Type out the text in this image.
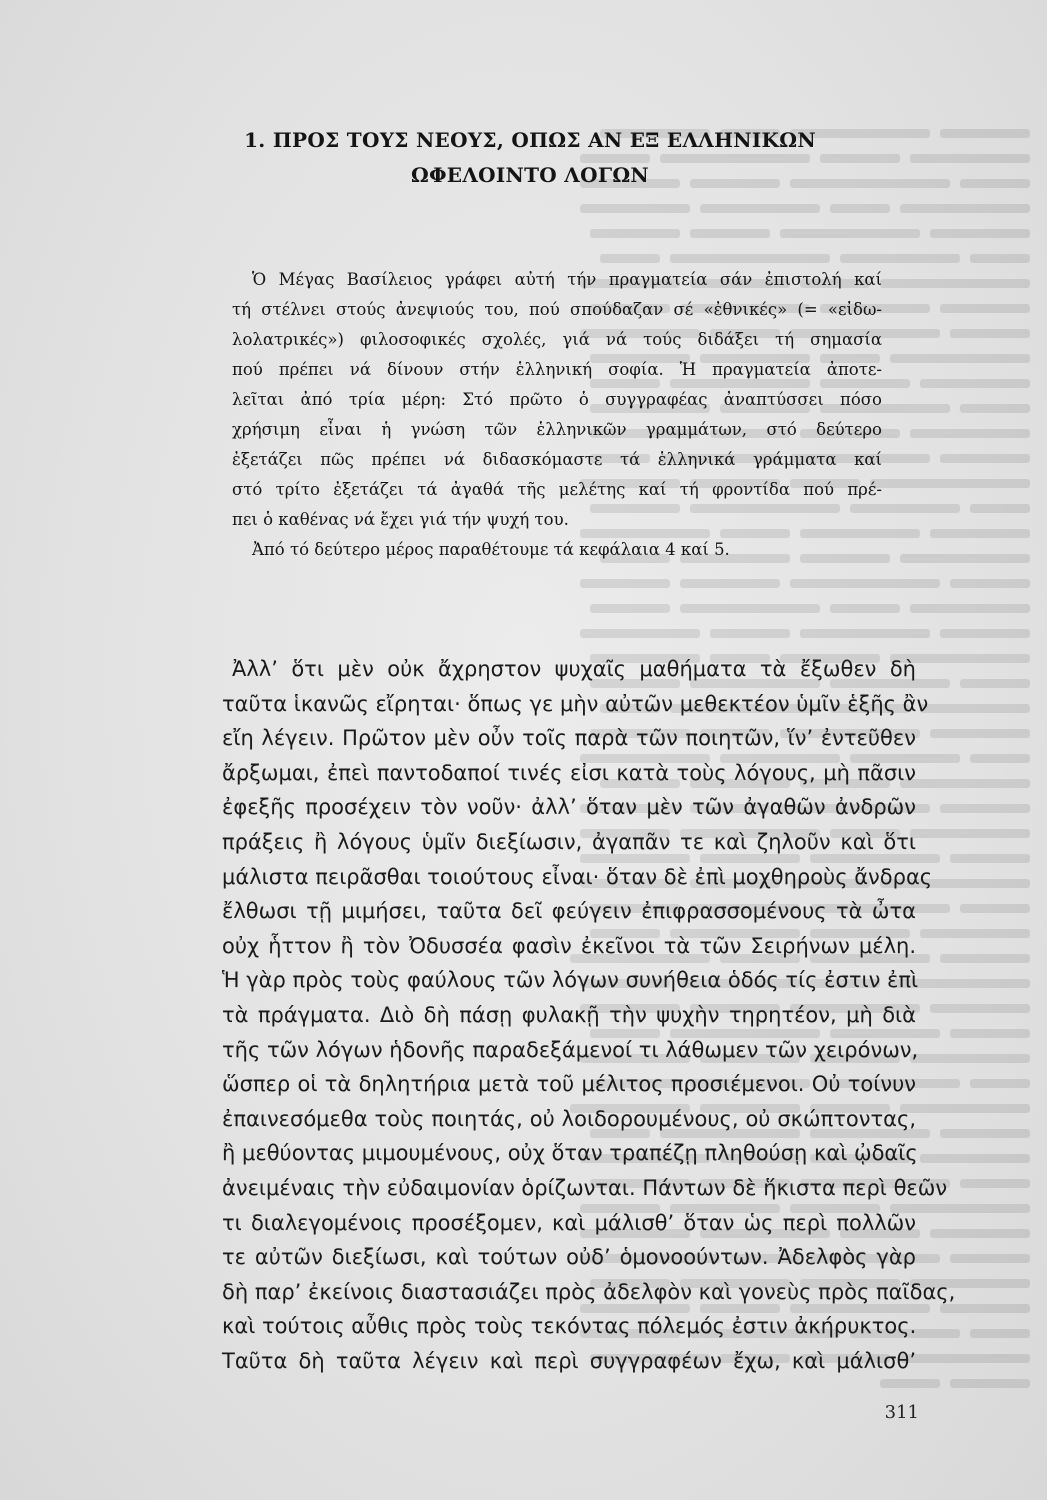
1. ΠΡΟΣ ΤΟΥΣ ΝΕΟΥΣ, ΟΠΩΣ ΑΝ ΕΞ ΕΛΛΗΝΙΚΩΝ
ΩΦΕΛΟΙΝΤΟ ΛΟΓΩΝ
Ὁ Μέγας Βασίλειος γράφει αὐτή τήν πραγματεία σάν ἐπιστολή καί
τή στέλνει στούς ἀνεψιούς του, πού σπούδαζαν σέ «ἐθνικές» (= «εἰδω-
λολατρικές») φιλοσοφικές σχολές, γιά νά τούς διδάξει τή σημασία
πού πρέπει νά δίνουν στήν ἑλληνική σοφία. Ἡ πραγματεία ἀποτε-
λεῖται ἀπό τρία μέρη: Στό πρῶτο ὁ συγγραφέας ἀναπτύσσει πόσο
χρήσιμη εἶναι ἡ γνώση τῶν ἑλληνικῶν γραμμάτων, στό δεύτερο
ἐξετάζει πῶς πρέπει νά διδασκόμαστε τά ἑλληνικά γράμματα καί
στό τρίτο ἐξετάζει τά ἀγαθά τῆς μελέτης καί τή φροντίδα πού πρέ-
πει ὁ καθένας νά ἔχει γιά τήν ψυχή του.
Ἀπό τό δεύτερο μέρος παραθέτουμε τά κεφάλαια 4 καί 5.
Ἀλλ’ ὅτι μὲν οὐκ ἄχρηστον ψυχαῖς μαθήματα τὰ ἔξωθεν δὴ
ταῦτα ἱκανῶς εἴρηται· ὅπως γε μὴν αὐτῶν μεθεκτέον ὑμῖν ἑξῆς ἂν
εἴη λέγειν. Πρῶτον μὲν οὖν τοῖς παρὰ τῶν ποιητῶν, ἵν’ ἐντεῦθεν
ἄρξωμαι, ἐπεὶ παντοδαποί τινές εἰσι κατὰ τοὺς λόγους, μὴ πᾶσιν
ἐφεξῆς προσέχειν τὸν νοῦν· ἀλλ’ ὅταν μὲν τῶν ἀγαθῶν ἀνδρῶν
πράξεις ἢ λόγους ὑμῖν διεξίωσιν, ἀγαπᾶν τε καὶ ζηλοῦν καὶ ὅτι
μάλιστα πειρᾶσθαι τοιούτους εἶναι· ὅταν δὲ ἐπὶ μοχθηροὺς ἄνδρας
ἔλθωσι τῇ μιμήσει, ταῦτα δεῖ φεύγειν ἐπιφρασσομένους τὰ ὦτα
οὐχ ἧττον ἢ τὸν Ὀδυσσέα φασὶν ἐκεῖνοι τὰ τῶν Σειρήνων μέλη.
Ἡ γὰρ πρὸς τοὺς φαύλους τῶν λόγων συνήθεια ὁδός τίς ἐστιν ἐπὶ
τὰ πράγματα. Διὸ δὴ πάσῃ φυλακῇ τὴν ψυχὴν τηρητέον, μὴ διὰ
τῆς τῶν λόγων ἡδονῆς παραδεξάμενοί τι λάθωμεν τῶν χειρόνων,
ὥσπερ οἱ τὰ δηλητήρια μετὰ τοῦ μέλιτος προσιέμενοι. Οὐ τοίνυν
ἐπαινεσόμεθα τοὺς ποιητάς, οὐ λοιδορουμένους, οὐ σκώπτοντας,
ἢ μεθύοντας μιμουμένους, οὐχ ὅταν τραπέζῃ πληθούσῃ καὶ ᾠδαῖς
ἀνειμέναις τὴν εὐδαιμονίαν ὁρίζωνται. Πάντων δὲ ἥκιστα περὶ θεῶν
τι διαλεγομένοις προσέξομεν, καὶ μάλισθ’ ὅταν ὡς περὶ πολλῶν
τε αὐτῶν διεξίωσι, καὶ τούτων οὐδ’ ὁμονοούντων. Ἀδελφὸς γὰρ
δὴ παρ’ ἐκείνοις διαστασιάζει πρὸς ἀδελφὸν καὶ γονεὺς πρὸς παῖδας,
καὶ τούτοις αὖθις πρὸς τοὺς τεκόντας πόλεμός ἐστιν ἀκήρυκτος.
Ταῦτα δὴ ταῦτα λέγειν καὶ περὶ συγγραφέων ἔχω, καὶ μάλισθ’
311
